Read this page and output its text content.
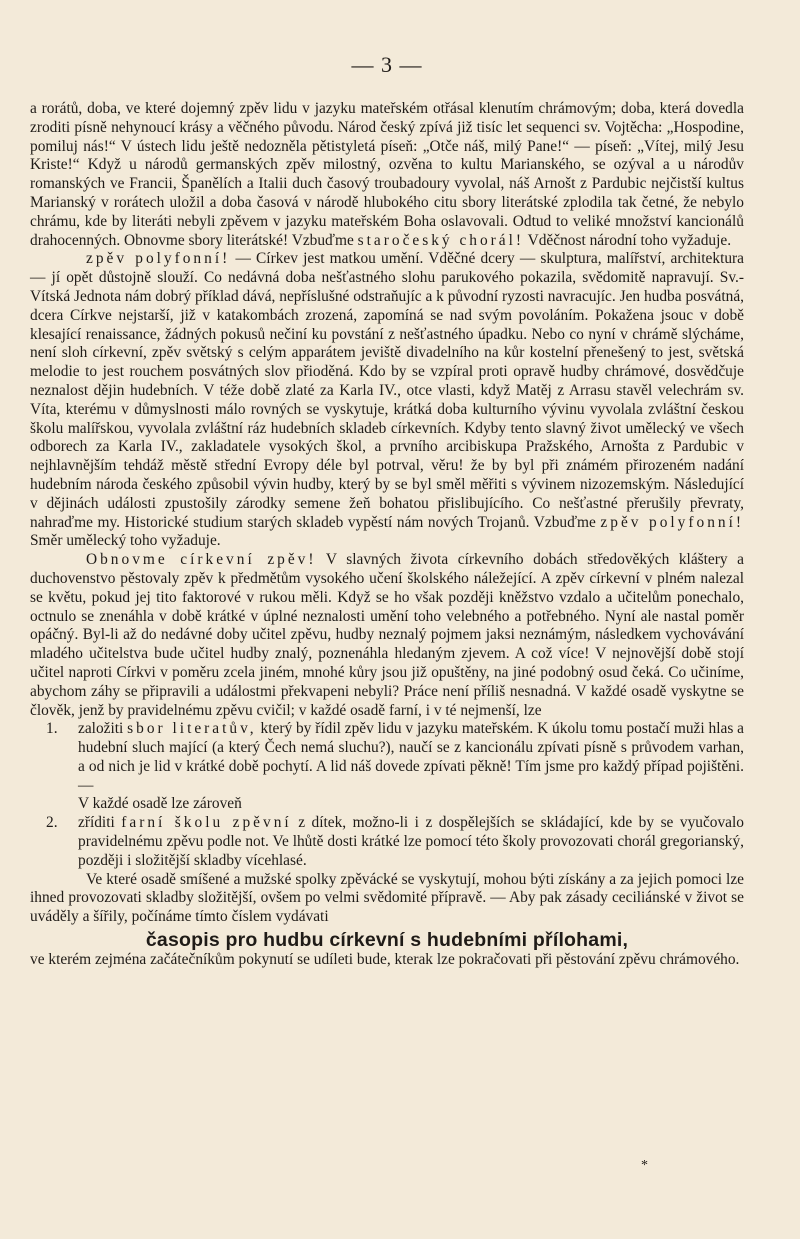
— 3 —

a rorátů, doba, ve které dojemný zpěv lidu v jazyku mateřském otřásal klenutím chrámovým; doba, která dovedla zroditi písně nehynoucí krásy a věčného původu. Národ český zpívá již tisíc let sequenci sv. Vojtěcha: „Hospodine, pomiluj nás!“ V ústech lidu ještě nedozněla pětistyletá píseň: „Otče náš, milý Pane!“ — píseň: „Vítej, milý Jesu Kriste!“ Když u národů germanských zpěv milostný, ozvěna to kultu Marianského, se ozýval a u národův romanských ve Francii, Španělích a Italii duch časový troubadoury vyvolal, náš Arnošt z Pardubic nejčistší kultus Marianský v rorátech uložil a doba časová v národě hlubokého citu sbory literátské zplodila tak četné, že nebylo chrámu, kde by literáti nebyli zpěvem v jazyku mateřském Boha oslavovali. Odtud to veliké množství kancionálů drahocenných. Obnovme sbory literátské! Vzbuďme staročeský chorál! Vděčnost národní toho vyžaduje.

zpěv polyfonní! — Církev jest matkou umění. Vděčné dcery — skulptura, malířství, architektura — jí opět důstojně slouží. Co nedávná doba nešťastného slohu parukového pokazila, svědomitě napravují. Sv.-Vítská Jednota nám dobrý příklad dává, nepříslušné odstraňujíc a k původní ryzosti navracujíc. Jen hudba posvátná, dcera Církve nejstarší, již v katakombách zrozená, zapomíná se nad svým povoláním. Pokažena jsouc v době klesající renaissance, žádných pokusů nečiní ku povstání z nešťastného úpadku. Nebo co nyní v chrámě slýcháme, není sloh církevní, zpěv světský s celým apparátem jeviště divadelního na kůr kostelní přenešený to jest, světská melodie to jest rouchem posvátných slov přioděná. Kdo by se vzpíral proti opravě hudby chrámové, dosvědčuje neznalost dějin hudebních. V téže době zlaté za Karla IV., otce vlasti, když Matěj z Arrasu stavěl velechrám sv. Víta, kterému v důmyslnosti málo rovných se vyskytuje, krátká doba kulturního vývinu vyvolala zvláštní českou školu malířskou, vyvolala zvláštní ráz hudebních skladeb církevních. Kdyby tento slavný život umělecký ve všech odborech za Karla IV., zakladatele vysokých škol, a prvního arcibiskupa Pražského, Arnošta z Pardubic v nejhlavnějším tehdáž městě střední Evropy déle byl potrval, věru! že by byl při známém přirozeném nadání hudebním národa českého způsobil vývin hudby, který by se byl směl měřiti s vývinem nizozemským. Následující v dějinách události zpustošily zárodky semene žeň bohatou přislibujícího. Co nešťastné přerušily převraty, nahraďme my. Historické studium starých skladeb vypěstí nám nových Trojanů. Vzbuďme zpěv polyfonní! Směr umělecký toho vyžaduje.

Obnovme církevní zpěv! V slavných života církevního dobách středověkých kláštery a duchovenstvo pěstovaly zpěv k předmětům vysokého učení školského náležející. A zpěv církevní v plném nalezal se květu, pokud jej tito faktorové v rukou měli. Když se ho však později kněžstvo vzdalo a učitelům ponechalo, octnulo se znenáhla v době krátké v úplné neznalosti umění toho velebného a potřebného. Nyní ale nastal poměr opáčný. Byl-li až do nedávné doby učitel zpěvu, hudby neznalý pojmem jaksi neznámým, následkem vychovávání mladého učitelstva bude učitel hudby znalý, poznenáhla hledaným zjevem. A což více! V nejnovější době stojí učitel naproti Církvi v poměru zcela jiném, mnohé kůry jsou již opuštěny, na jiné podobný osud čeká. Co učiníme, abychom záhy se připravili a událostmi překvapeni nebyli? Práce není příliš nesnadná. V každé osadě vyskytne se člověk, jenž by pravidelnému zpěvu cvičil; v každé osadě farní, i v té nejmenší, lze

1. založiti sbor literatův, který by řídil zpěv lidu v jazyku mateřském. K úkolu tomu postačí muži hlas a hudební sluch mající (a který Čech nemá sluchu?), naučí se z kancionálu zpívati písně s průvodem varhan, a od nich je lid v krátké době pochytí. A lid náš dovede zpívati pěkně! Tím jsme pro každý případ pojištěni. —

V každé osadě lze zároveň

2. zříditi farní školu zpěvní z dítek, možno-li i z dospělejších se skládající, kde by se vyučovalo pravidelnému zpěvu podle not. Ve lhůtě dosti krátké lze pomocí této školy provozovati chorál gregorianský, později i složitější skladby vícehlasé.

Ve které osadě smíšené a mužské spolky zpěvácké se vyskytují, mohou býti získány a za jejich pomoci lze ihned provozovati skladby složitější, ovšem po velmi svědomité přípravě. — Aby pak zásady ceciliánské v život se uváděly a šířily, počínáme tímto číslem vydávati

časopis pro hudbu církevní s hudebními přílohami,

ve kterém zejména začátečníkům pokynutí se udíleti bude, kterak lze pokračovati při pěstování zpěvu chrámového.

*
